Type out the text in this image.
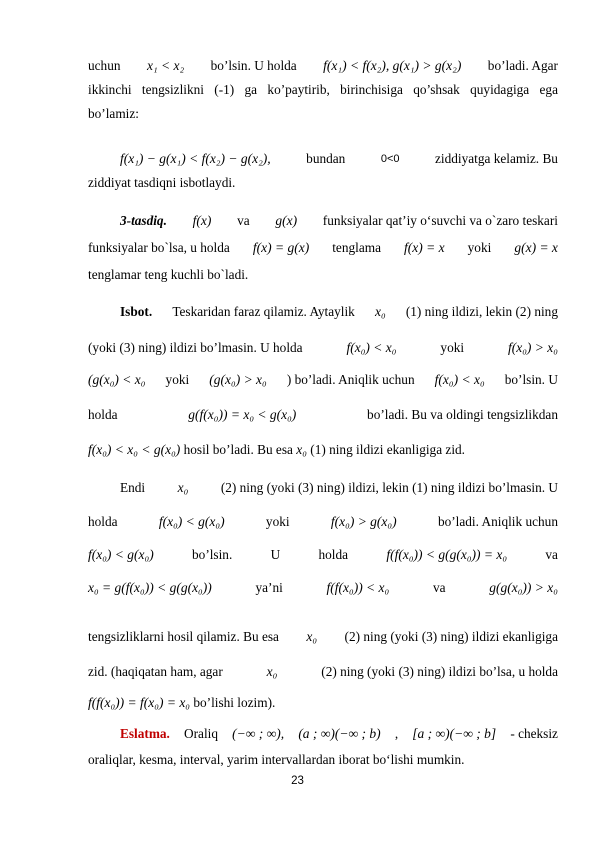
uchun x₁ < x₂ bo’lsin. U holda f(x₁) < f(x₂), g(x₁) > g(x₂) bo’ladi. Agar
ikkinchi tengsizlikni (-1) ga ko’paytirib, birinchisiga qo’shsak quyidagiga ega
bo’lamiz:
f(x₁) − g(x₁) < f(x₂) − g(x₂),	bundan	0<0	ziddiyatga kelamiz. Bu
ziddiyat tasdiqni isbotlaydi.
3-tasdiq. f(x) va g(x) funksiyalar qat’iy o‘suvchi va o`zaro teskari
funksiyalar bo`lsa, u holda f(x) = g(x) tenglama f(x) = x yoki g(x) = x
tenglamar teng kuchli bo`ladi.
Isbot. Teskaridan faraz qilamiz. Aytaylik x₀ (1) ning ildizi, lekin (2) ning
(yoki (3) ning) ildizi bo’lmasin. U holda	f(x₀) < x₀	yoki	f(x₀) > x₀
(g(x₀) < x₀ yoki (g(x₀) > x₀ ) bo’ladi. Aniqlik uchun f(x₀) < x₀ bo’lsin. U
holda	g(f(x₀)) = x₀ < g(x₀)	bo’ladi. Bu va oldingi tengsizlikdan
f(x₀) < x₀ < g(x₀) hosil bo’ladi. Bu esa x₀ (1) ning ildizi ekanligiga zid.
Endi x₀ (2) ning (yoki (3) ning) ildizi, lekin (1) ning ildizi bo’lmasin. U
holda	f(x₀) < g(x₀)	yoki	f(x₀) > g(x₀)	bo’ladi. Aniqlik uchun
f(x₀) < g(x₀)	bo’lsin.	U	holda	f(f(x₀)) < g(g(x₀)) = x₀	va
x₀ = g(f(x₀)) < g(g(x₀))	ya’ni	f(f(x₀)) < x₀	va	g(g(x₀)) > x₀
tengsizliklarni hosil qilamiz. Bu esa x₀ (2) ning (yoki (3) ning) ildizi ekanligiga
zid. (haqiqatan ham, agar	x₀	(2) ning (yoki (3) ning) ildizi bo’lsa, u holda
f(f(x₀)) = f(x₀) = x₀ bo’lishi lozim).
Eslatma. Oraliq (−∞ ; ∞), (a ; ∞)(−∞ ; b) , [a ; ∞)(−∞ ; b] - cheksiz
oraliqlar, kesma, interval, yarim intervallardan iborat bo‘lishi mumkin.
23
